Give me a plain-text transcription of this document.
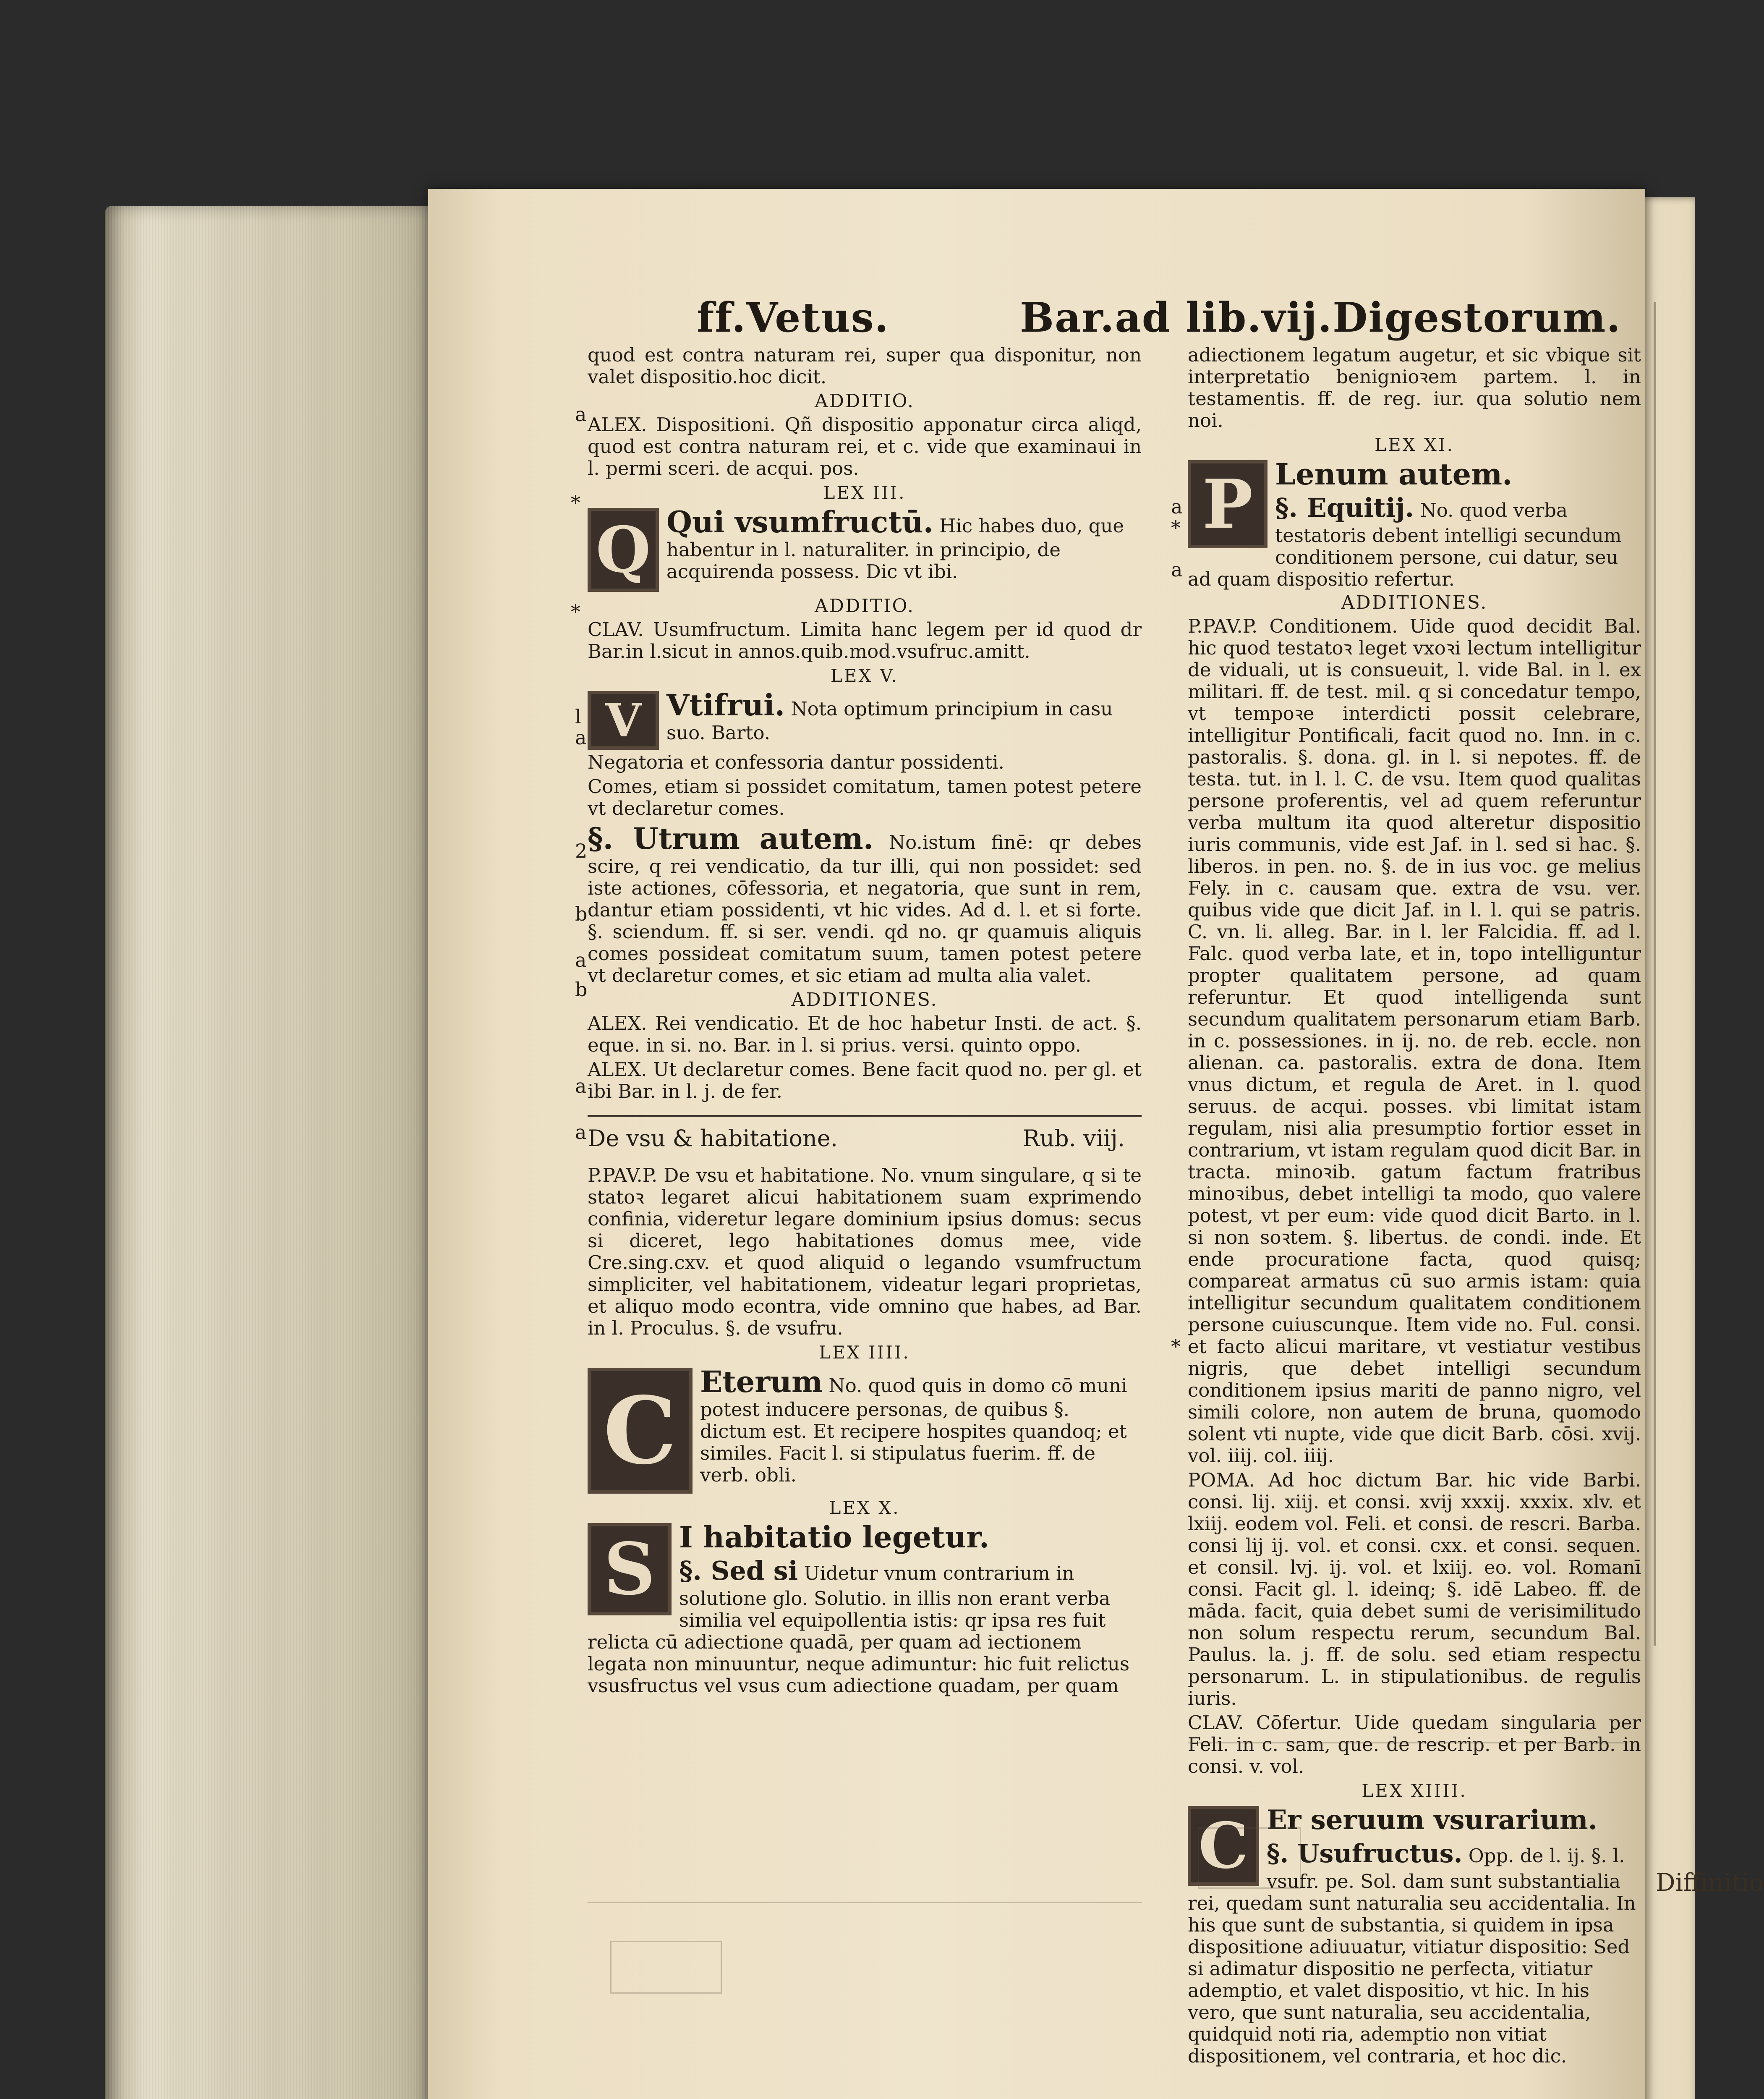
Diffinitio
ff.Vetus.	Bar.ad lib.vij.Digestorum.
a
*
*
l
a
2
b
a
b
a
a
a
*
a
*

quod est contra naturam rei, super qua disponitur, non valet dispositio.hoc dicit.

ADDITIO.

ALEX. Dispositioni. Qñ dispositio apponatur circa aliqd, quod est contra naturam rei, et c. vide que examinaui in l. permi sceri. de acqui. pos.

LEX III.
Q Qui vsumfructū. Hic habes duo, que habentur in l. naturaliter. in principio, de acquirenda possess. Dic vt ibi.
ADDITIO.

CLAV. Usumfructum. Limita hanc legem per id quod dr Bar.in l.sicut in annos.quib.mod.vsufruc.amitt.

LEX V.
V Vtifrui. Nota optimum principium in casu suo. Barto.

Negatoria et confessoria dantur possidenti.

Comes, etiam si possidet comitatum, tamen potest petere vt declaretur comes.

§. Utrum autem. No.istum finē: qr debes scire, q rei vendicatio, da tur illi, qui non possidet: sed iste actiones, cōfessoria, et negatoria, que sunt in rem, dantur etiam possidenti, vt hic vides. Ad d. l. et si forte. §. sciendum. ff. si ser. vendi. qd no. qr quamuis aliquis comes possideat comitatum suum, tamen potest petere vt declaretur comes, et sic etiam ad multa alia valet.

ADDITIONES.

ALEX. Rei vendicatio. Et de hoc habetur Insti. de act. §. eque. in si. no. Bar. in l. si prius. versi. quinto oppo.

ALEX. Ut declaretur comes. Bene facit quod no. per gl. et ibi Bar. in l. j. de fer.

De vsu & habitatione.	Rub. viij.

P.PAV.P. De vsu et habitatione. No. vnum singulare, q si te statoꝛ legaret alicui habitationem suam exprimendo confinia, videretur legare dominium ipsius domus: secus si diceret, lego habitationes domus mee, vide Cre.sing.cxv. et quod aliquid o legando vsumfructum simpliciter, vel habitationem, videatur legari proprietas, et aliquo modo econtra, vide omnino que habes, ad Bar. in l. Proculus. §. de vsufru.

LEX IIII.
C Eterum No. quod quis in domo cō muni potest inducere personas, de quibus §. dictum est. Et recipere hospites quandoq; et similes. Facit l. si stipulatus fuerim. ff. de verb. obli.
LEX X.
S I habitatio legetur.
§. Sed si Uidetur vnum contrarium in solutione glo. Solutio. in illis non erant verba similia vel equipollentia istis: qr ipsa res fuit relicta cū adiectione quadā, per quam ad iectionem legata non minuuntur, neque adimuntur: hic fuit relictus vsusfructus vel vsus cum adiectione quadam, per quam

adiectionem legatum augetur, et sic vbique sit interpretatio benignioꝛem partem. l. in testamentis. ff. de reg. iur. qua solutio nem noi.

LEX XI.
P Lenum autem.
§. Equitij. No. quod verba testatoris debent intelligi secundum conditionem persone, cui datur, seu ad quam dispositio refertur.
ADDITIONES.

P.PAV.P. Conditionem. Uide quod decidit Bal. hic quod testatoꝛ leget vxoꝛi lectum intelligitur de viduali, ut is consueuit, l. vide Bal. in l. ex militari. ff. de test. mil. q si concedatur tempo, vt tempoꝛe interdicti possit celebrare, intelligitur Pontificali, facit quod no. Inn. in c. pastoralis. §. dona. gl. in l. si nepotes. ff. de testa. tut. in l. l. C. de vsu. Item quod qualitas persone proferentis, vel ad quem referuntur verba multum ita quod alteretur dispositio iuris communis, vide est Jaf. in l. sed si hac. §. liberos. in pen. no. §. de in ius voc. ge melius Fely. in c. causam que. extra de vsu. ver. quibus vide que dicit Jaf. in l. l. qui se patris. C. vn. li. alleg. Bar. in l. ler Falcidia. ff. ad l. Falc. quod verba late, et in, topo intelliguntur propter qualitatem persone, ad quam referuntur. Et quod intelligenda sunt secundum qualitatem personarum etiam Barb. in c. possessiones. in ij. no. de reb. eccle. non alienan. ca. pastoralis. extra de dona. Item vnus dictum, et regula de Aret. in l. quod seruus. de acqui. posses. vbi limitat istam regulam, nisi alia presumptio fortior esset in contrarium, vt istam regulam quod dicit Bar. in tracta. minoꝛib. gatum factum fratribus minoꝛibus, debet intelligi ta modo, quo valere potest, vt per eum: vide quod dicit Barto. in l. si non soꝛtem. §. libertus. de condi. inde. Et ende procuratione facta, quod quisq; compareat armatus cū suo armis istam: quia intelligitur secundum qualitatem conditionem persone cuiuscunque. Item vide no. Ful. consi. et facto alicui maritare, vt vestiatur vestibus nigris, que debet intelligi secundum conditionem ipsius mariti de panno nigro, vel simili colore, non autem de bruna, quomodo solent vti nupte, vide que dicit Barb. cōsi. xvij. vol. iiij. col. iiij.

POMA. Ad hoc dictum Bar. hic vide Barbi. consi. lij. xiij. et consi. xvij xxxij. xxxix. xlv. et lxiij. eodem vol. Feli. et consi. de rescri. Barba. consi lij ij. vol. et consi. cxx. et consi. sequen. et consil. lvj. ij. vol. et lxiij. eo. vol. Romanī consi. Facit gl. l. ideinq; §. idē Labeo. ff. de māda. facit, quia debet sumi de verisimilitudo non solum respectu rerum, secundum Bal. Paulus. la. j. ff. de solu. sed etiam respectu personarum. L. in stipulationibus. de regulis iuris.

CLAV. Cōfertur. Uide quedam singularia per Feli. in c. sam, que. de rescrip. et per Barb. in consi. v. vol.

LEX XIIII.
C Er seruum vsurarium.
§. Usufructus. Opp. de l. ij. §. l. vsufr. pe. Sol. dam sunt substantialia rei, quedam sunt naturalia seu accidentalia. In his que sunt de substantia, si quidem in ipsa dispositione adiuuatur, vitiatur dispositio: Sed si adimatur dispositio ne perfecta, vitiatur ademptio, et valet dispositio, vt hic. In his vero, que sunt naturalia, seu accidentalia, quidquid noti ria, ademptio non vitiat dispositionem, vel contraria, et hoc dic.
